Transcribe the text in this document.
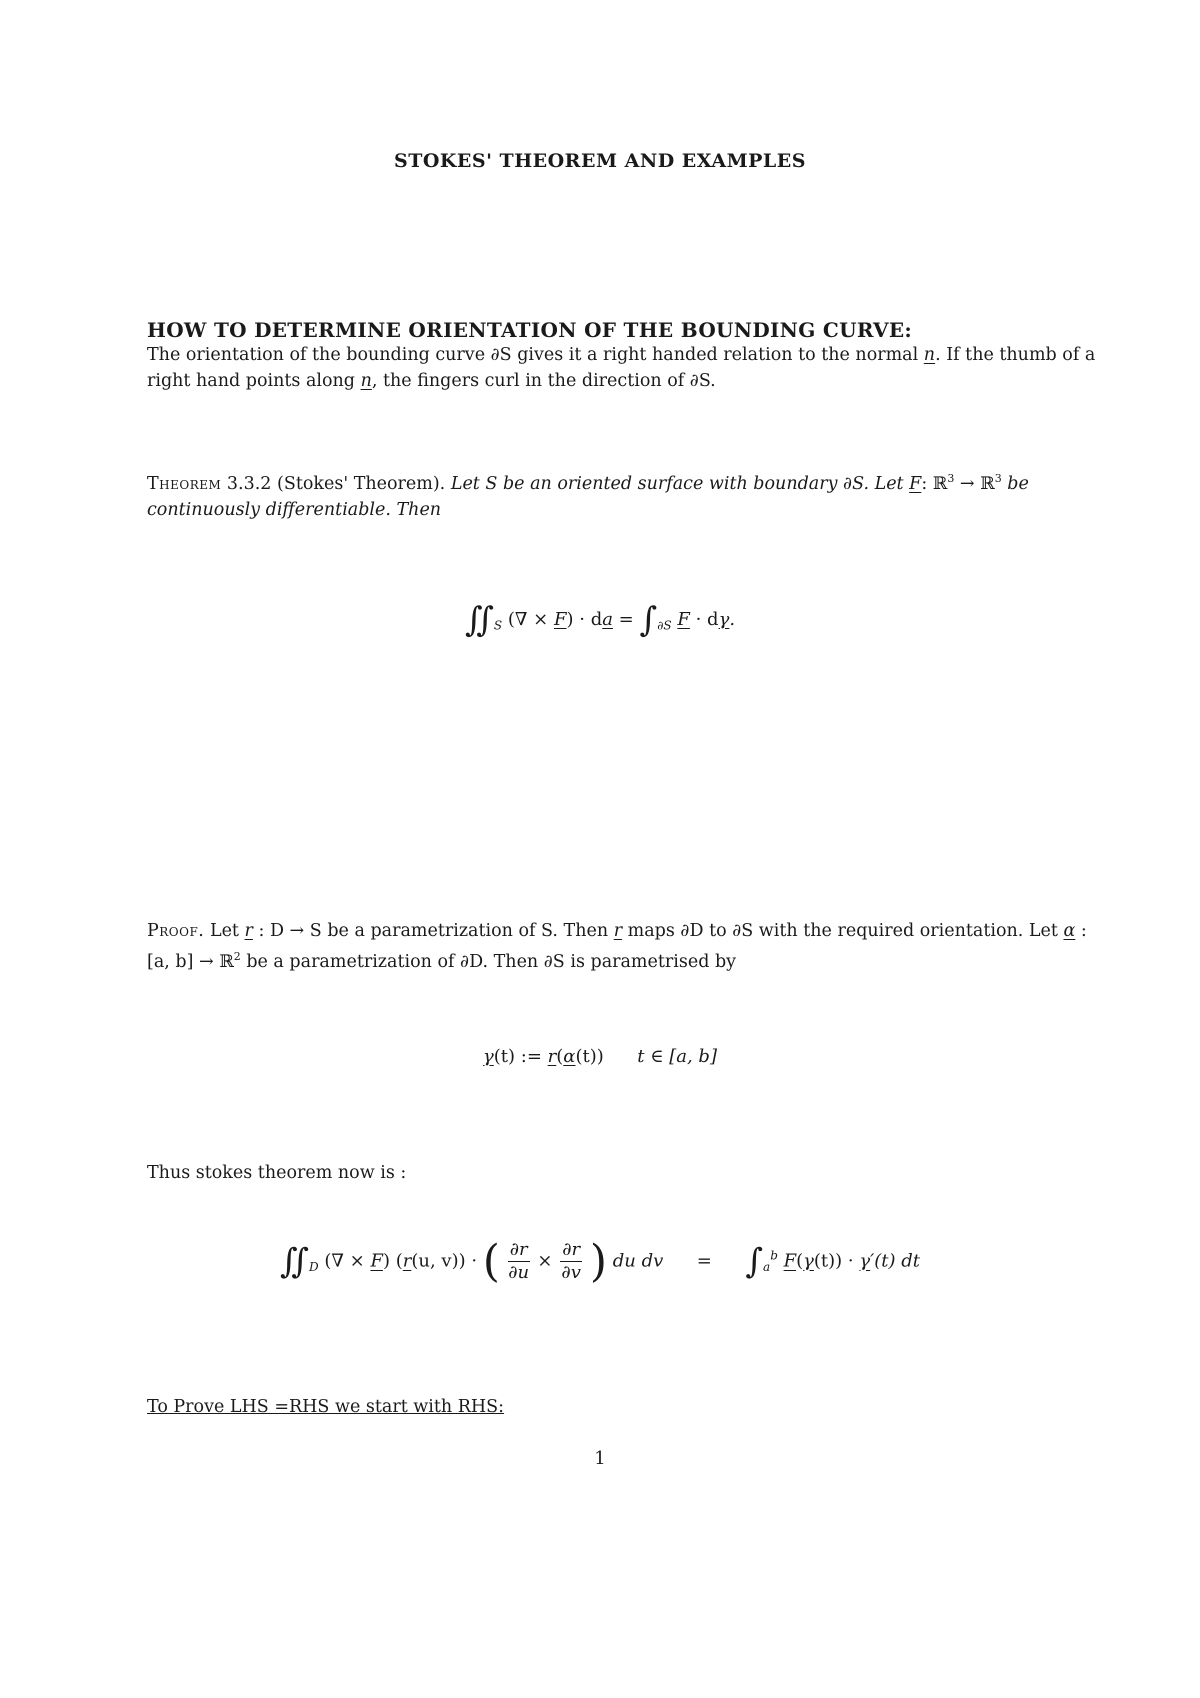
STOKES' THEOREM AND EXAMPLES
HOW TO DETERMINE ORIENTATION OF THE BOUNDING CURVE:
The orientation of the bounding curve ∂S gives it a right handed relation to the normal n. If the thumb of a right hand points along n, the fingers curl in the direction of ∂S.
Theorem 3.3.2 (Stokes' Theorem). Let S be an oriented surface with boundary ∂S. Let F: ℝ$^3$ → ℝ$^3$ be continuously differentiable. Then
$∬_S$ (∇ × F) · da = $\int_{\partial S}$ F · dγ.
Proof. Let r : D → S be a parametrization of S. Then r maps ∂D to ∂S with the required orientation. Let α : [a, b] → ℝ$^2$ be a parametrization of ∂D. Then ∂S is parametrised by
γ(t) := r(α(t)) t ∈ [a, b]
Thus stokes theorem now is :
$∬_D$ (∇ × F) (r(u, v)) · ( $\frac{\partial r}{\partial u} \times \frac{\partial r}{\partial v}$ ) du dv = $\int_a^b$ F(γ(t)) · γ′(t) dt
To Prove LHS =RHS we start with RHS:
1
